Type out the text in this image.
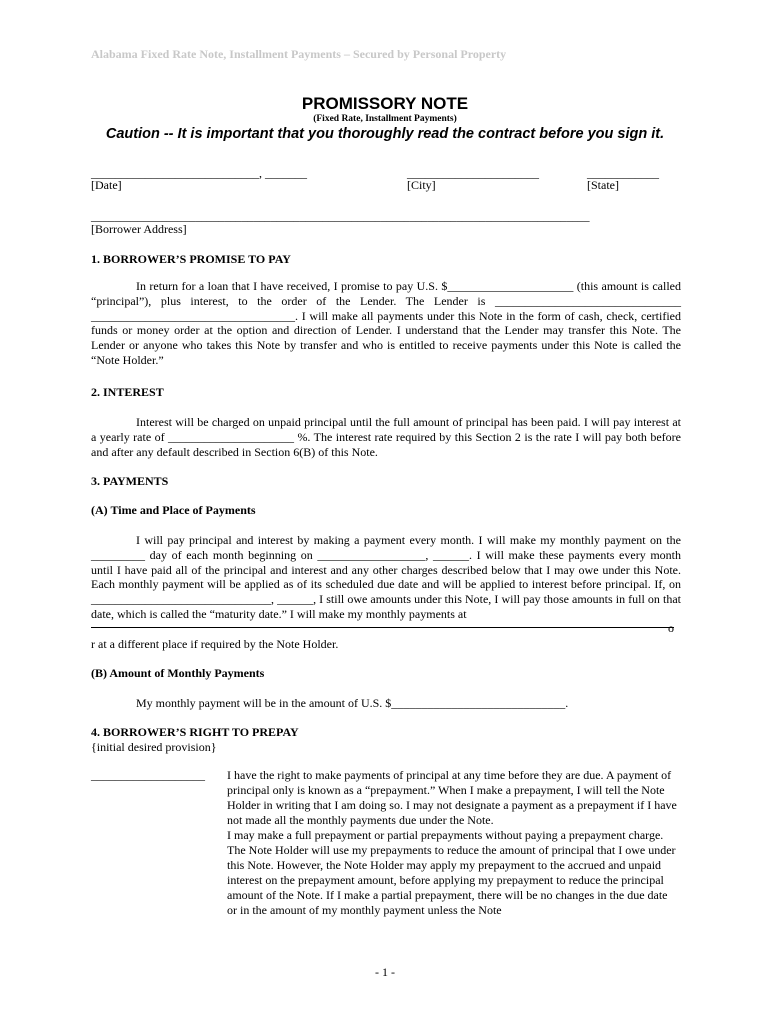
Alabama Fixed Rate Note, Installment Payments – Secured by Personal Property
PROMISSORY NOTE
(Fixed Rate, Installment Payments)
Caution -- It is important that you thoroughly read the contract before you sign it.
____________________________, _______	______________________	____________
[Date]	[City]	[State]
______________________________________________________________________________________
[Borrower Address]
1. BORROWER’S PROMISE TO PAY

In return for a loan that I have received, I promise to pay U.S. $_____________________ (this amount is called “principal”), plus interest, to the order of the Lender. The Lender is _______________________________ __________________________________. I will make all payments under this Note in the form of cash, check, certified funds or money order at the option and direction of Lender. I understand that the Lender may transfer this Note. The Lender or anyone who takes this Note by transfer and who is entitled to receive payments under this Note is called the “Note Holder.”

2. INTEREST

Interest will be charged on unpaid principal until the full amount of principal has been paid. I will pay interest at a yearly rate of _____________________ %. The interest rate required by this Section 2 is the rate I will pay both before and after any default described in Section 6(B) of this Note.

3. PAYMENTS
(A) Time and Place of Payments

I will pay principal and interest by making a payment every month. I will make my monthly payment on the _________ day of each month beginning on __________________, ______. I will make these payments every month until I have paid all of the principal and interest and any other charges described below that I may owe under this Note. Each monthly payment will be applied as of its scheduled due date and will be applied to interest before principal. If, on ______________________________, ______, I still owe amounts under this Note, I will pay those amounts in full on that date, which is called the “maturity date.” I will make my monthly payments at

o
r at a different place if required by the Note Holder.
(B) Amount of Monthly Payments
My monthly payment will be in the amount of U.S. $_____________________________.
4. BORROWER’S RIGHT TO PREPAY
{initial desired provision}
___________________ I have the right to make payments of principal at any time before they are due. A payment of principal only is known as a “prepayment.” When I make a prepayment, I will tell the Note Holder in writing that I am doing so. I may not designate a payment as a prepayment if I have not made all the monthly payments due under the Note.

I may make a full prepayment or partial prepayments without paying a prepayment charge. The Note Holder will use my prepayments to reduce the amount of principal that I owe under this Note. However, the Note Holder may apply my prepayment to the accrued and unpaid interest on the prepayment amount, before applying my prepayment to reduce the principal amount of the Note. If I make a partial prepayment, there will be no changes in the due date or in the amount of my monthly payment unless the Note

- 1 -
